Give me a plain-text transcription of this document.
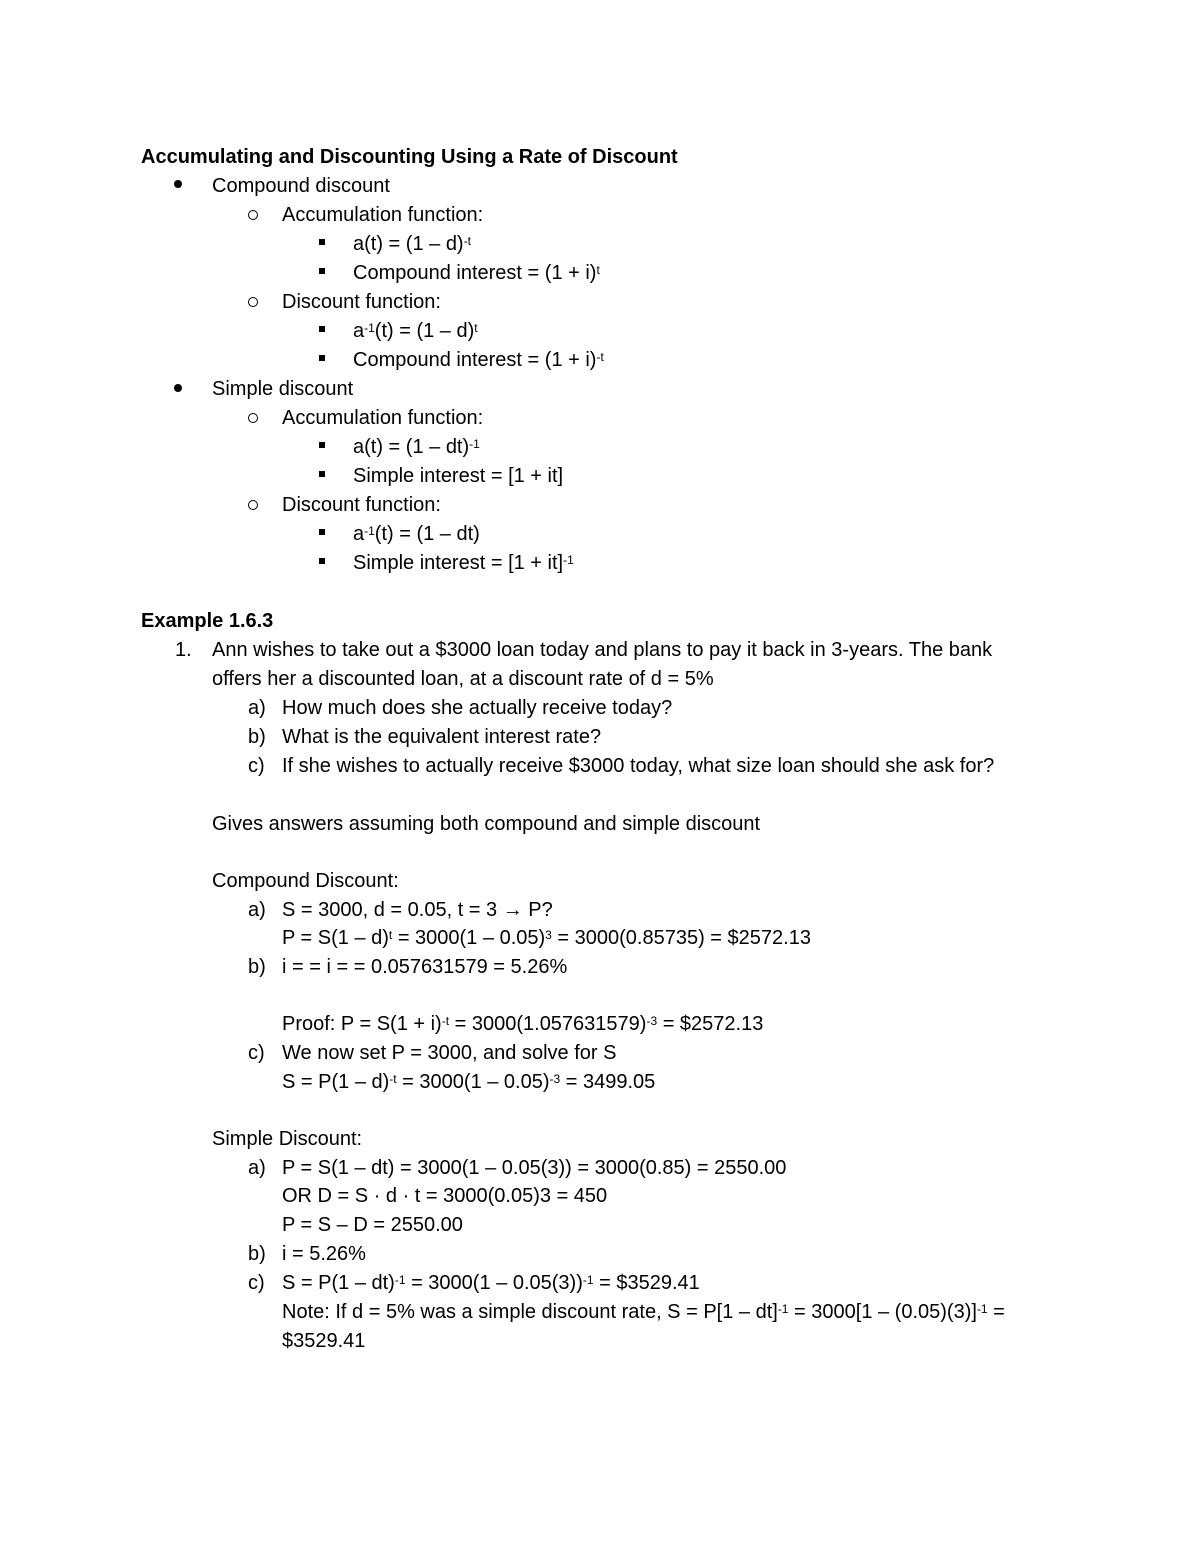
Accumulating and Discounting Using a Rate of Discount
Compound discount
Accumulation function:
a(t) = (1 – d)$^{-t}$
Compound interest = $(1 + i)^t$
Discount function:
$a^{-1}(t) = (1 - d)^t$
Compound interest = $(1 + i)^{-t}$
Simple discount
Accumulation function:
a(t) = (1 – dt)$^{-1}$
Simple interest = [1 + it]
Discount function:
$a^{-1}(t) = (1 - dt)$
Simple interest = [1 + it]$^{-1}$
Example 1.6.3
1. Ann wishes to take out a $3000 loan today and plans to pay it back in 3-years. The bank
offers her a discounted loan, at a discount rate of d = 5%
a) How much does she actually receive today?
b) What is the equivalent interest rate?
c) If she wishes to actually receive $3000 today, what size loan should she ask for?
Gives answers assuming both compound and simple discount
Compound Discount:
a) S = 3000, d = 0.05, t = 3 → P?
P = S(1 – d)$^t$ = 3000(1 – 0.05)$^3$ = 3000(0.85735) = $2572.13
b) i = = i = = 0.057631579 = 5.26%
Proof: $P = S(1 + i)^{-t} = 3000(1.057631579)^{-3}$ = $2572.13
c) We now set P = 3000, and solve for S
S = P(1 – d)$^{-t}$ = 3000(1 – 0.05)$^{-3}$ = 3499.05
Simple Discount:
a) P = S(1 – dt) = 3000(1 – 0.05(3)) = 3000(0.85) = 2550.00
OR D = S · d · t = 3000(0.05)3 = 450
P = S – D = 2550.00
b) i = 5.26%
c) S = P(1 – dt)$^{-1}$ = 3000(1 – 0.05(3))$^{-1}$ = $3529.41
Note: If d = 5% was a simple discount rate, S = P[1 – dt]$^{-1}$ = 3000[1 – (0.05)(3)]$^{-1}$ =
$3529.41
